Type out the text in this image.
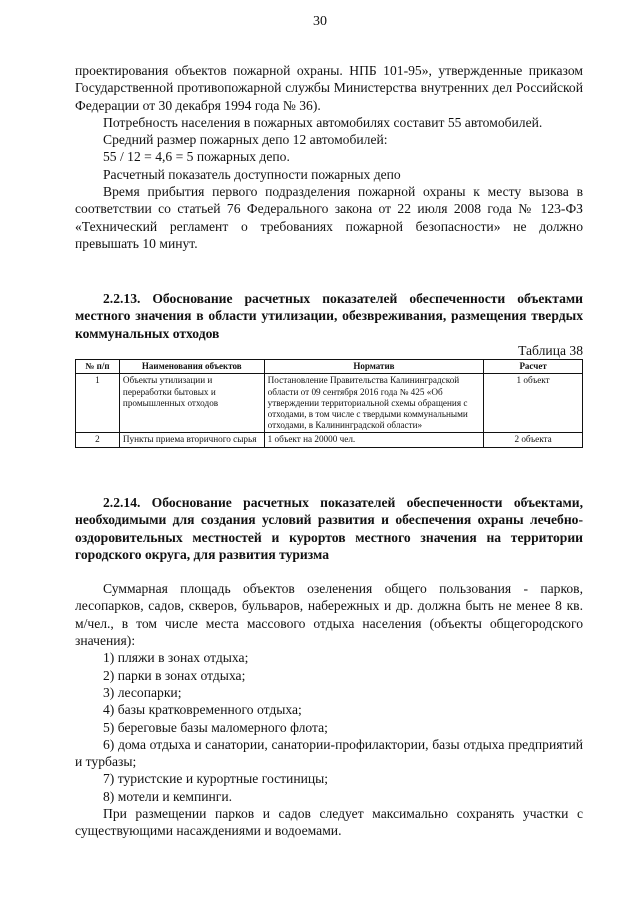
30

проектирования объектов пожарной охраны. НПБ 101-95», утвержденные приказом Государственной противопожарной службы Министерства внутренних дел Российской Федерации от 30 декабря 1994 года № 36).

Потребность населения в пожарных автомобилях составит 55 автомобилей.

Средний размер пожарных депо 12 автомобилей:

55 / 12 = 4,6 = 5 пожарных депо.

Расчетный показатель доступности пожарных депо

Время прибытия первого подразделения пожарной охраны к месту вызова в соответствии со статьей 76 Федерального закона от 22 июля 2008 года № 123-ФЗ «Технический регламент о требованиях пожарной безопасности» не должно превышать 10 минут.

2.2.13. Обоснование расчетных показателей обеспеченности объектами местного значения в области утилизации, обезвреживания, размещения твердых коммунальных отходов

Таблица 38

№ п/п	Наименования объектов	Норматив	Расчет
1	Объекты утилизации и переработки бытовых и промышленных отходов	Постановление Правительства Калининградской области от 09 сентября 2016 года № 425 «Об утверждении территориальной схемы обращения с отходами, в том числе с твердыми коммунальными отходами, в Калининградской области»	1 объект
2	Пункты приема вторичного сырья	1 объект на 20000 чел.	2 объекта

2.2.14. Обоснование расчетных показателей обеспеченности объектами, необходимыми для создания условий развития и обеспечения охраны лечебно-оздоровительных местностей и курортов местного значения на территории городского округа, для развития туризма

Суммарная площадь объектов озеленения общего пользования - парков, лесопарков, садов, скверов, бульваров, набережных и др. должна быть не менее 8 кв. м/чел., в том числе места массового отдыха населения (объекты общегородского значения):

1) пляжи в зонах отдыха;
2) парки в зонах отдыха;
3) лесопарки;
4) базы кратковременного отдыха;
5) береговые базы маломерного флота;
6) дома отдыха и санатории, санатории-профилактории, базы отдыха предприятий и турбазы;
7) туристские и курортные гостиницы;
8) мотели и кемпинги.

При размещении парков и садов следует максимально сохранять участки с существующими насаждениями и водоемами.
